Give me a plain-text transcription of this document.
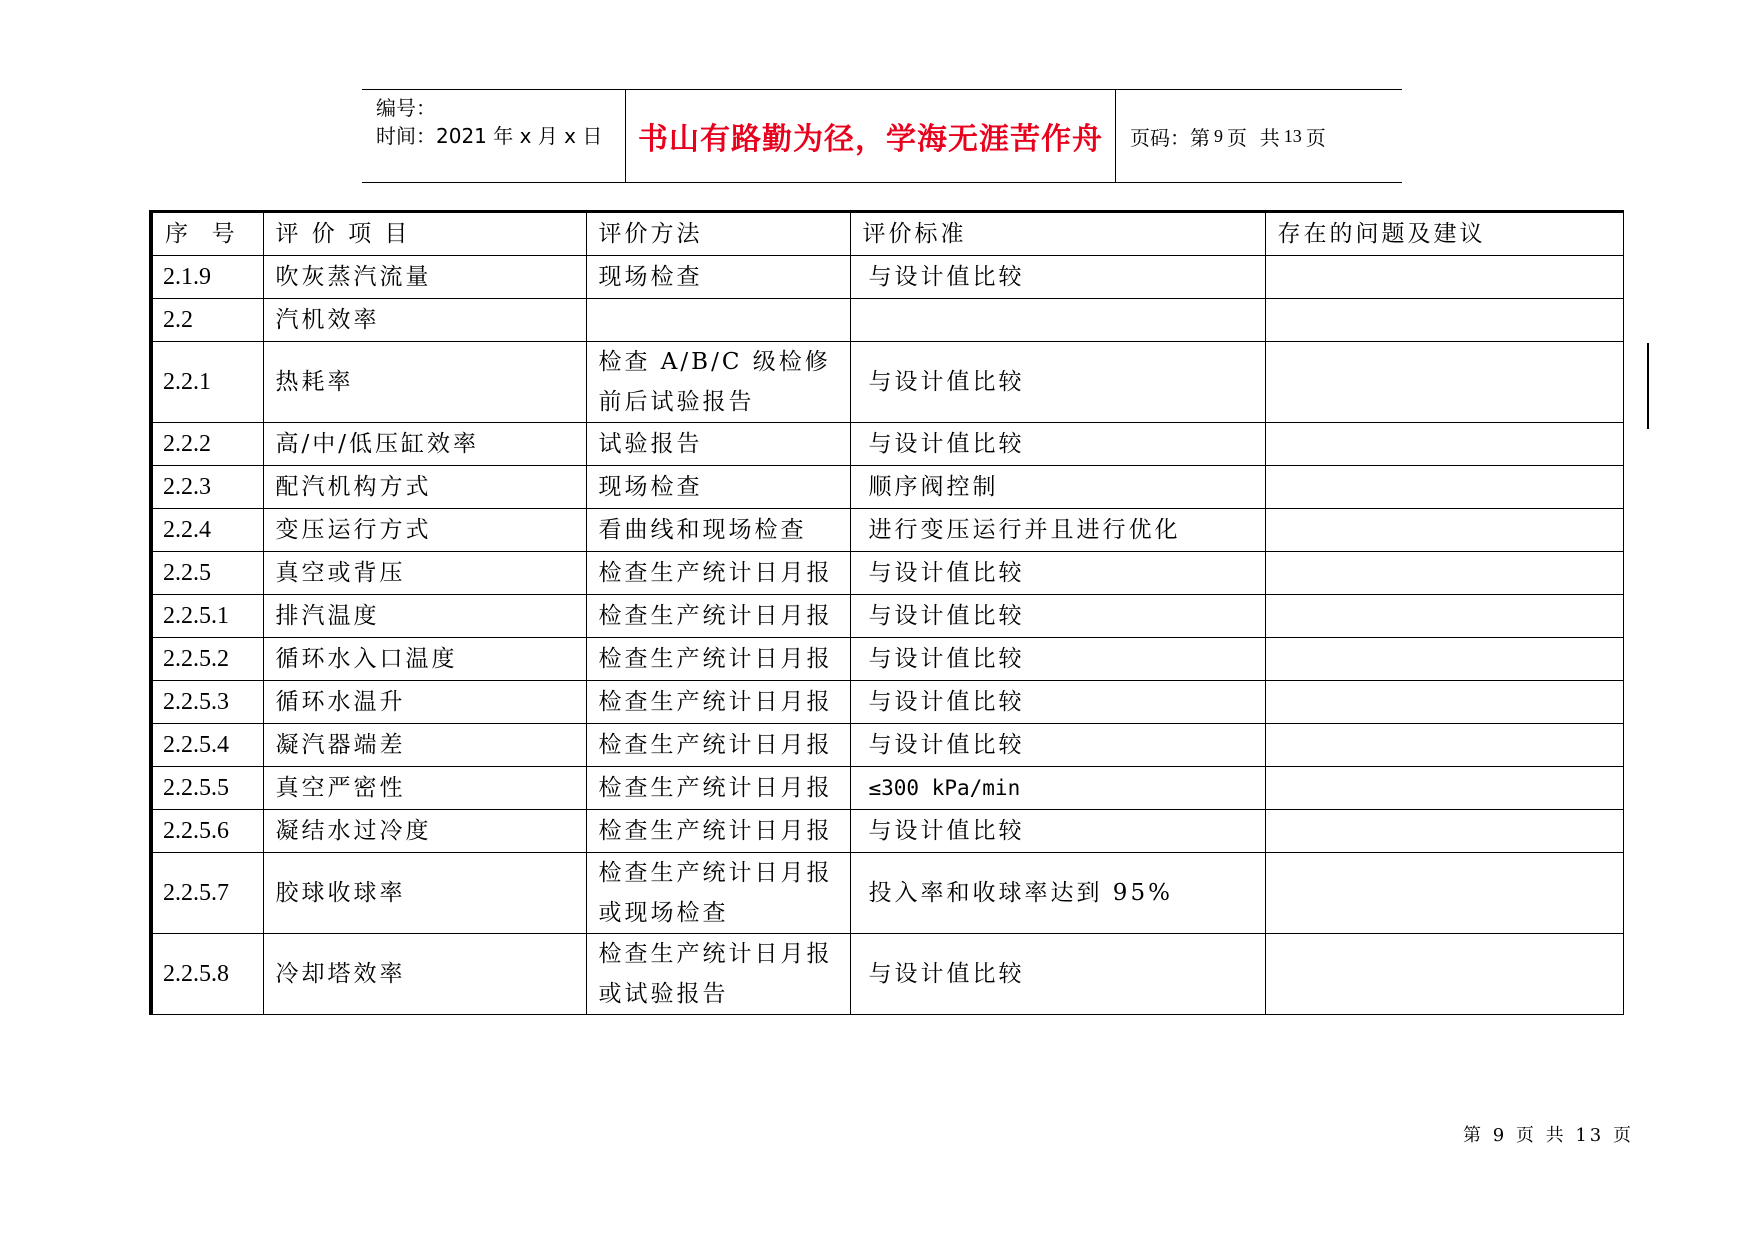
编号：
时间：2021 年 x 月 x 日	书山有路勤为径，学海无涯苦作舟 页码：第 9 页  共 13 页
序  号	评 价 项 目	评价方法	评价标准	存在的问题及建议
2.1.9	吹灰蒸汽流量	现场检查	与设计值比较	
2.2	汽机效率			
2.2.1	热耗率	检查 A/B/C 级检修前后试验报告	与设计值比较	
2.2.2	高/中/低压缸效率	试验报告	与设计值比较	
2.2.3	配汽机构方式	现场检查	顺序阀控制	
2.2.4	变压运行方式	看曲线和现场检查	进行变压运行并且进行优化	
2.2.5	真空或背压	检查生产统计日月报	与设计值比较	
2.2.5.1	排汽温度	检查生产统计日月报	与设计值比较	
2.2.5.2	循环水入口温度	检查生产统计日月报	与设计值比较	
2.2.5.3	循环水温升	检查生产统计日月报	与设计值比较	
2.2.5.4	凝汽器端差	检查生产统计日月报	与设计值比较	
2.2.5.5	真空严密性	检查生产统计日月报	≤300 kPa/min	
2.2.5.6	凝结水过冷度	检查生产统计日月报	与设计值比较	
2.2.5.7	胶球收球率	检查生产统计日月报或现场检查	投入率和收球率达到 95%	
2.2.5.8	冷却塔效率	检查生产统计日月报或试验报告	与设计值比较	
第 9 页 共 13 页
